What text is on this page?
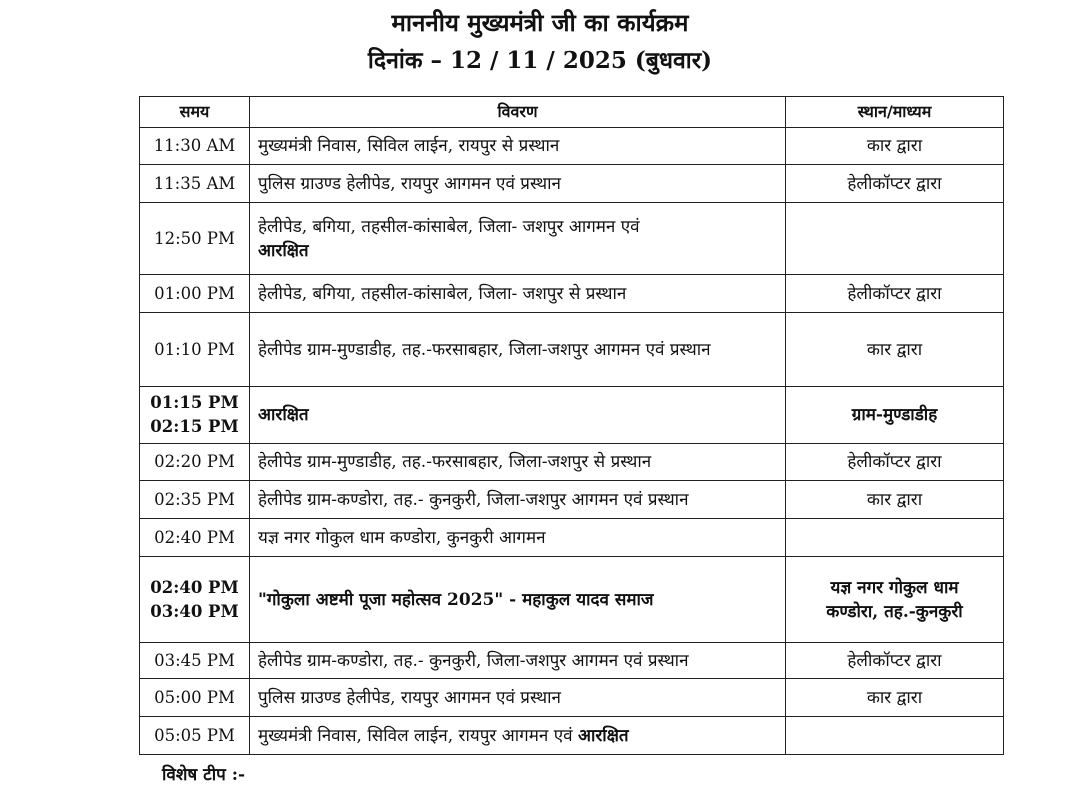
माननीय मुख्यमंत्री जी का कार्यक्रम
दिनांक – 12 / 11 / 2025 (बुधवार)
समय	विवरण	स्थान/माध्यम
11:30 AM	मुख्यमंत्री निवास, सिविल लाईन, रायपुर से प्रस्थान	कार द्वारा
11:35 AM	पुलिस ग्राउण्ड हेलीपेड, रायपुर आगमन एवं प्रस्थान	हेलीकॉप्टर द्वारा
12:50 PM	हेलीपेड, बगिया, तहसील-कांसाबेल, जिला- जशपुर आगमन एवं
आरक्षित	
01:00 PM	हेलीपेड, बगिया, तहसील-कांसाबेल, जिला- जशपुर से प्रस्थान	हेलीकॉप्टर द्वारा
01:10 PM	हेलीपेड ग्राम-मुण्डाडीह, तह.-फरसाबहार, जिला-जशपुर आगमन एवं प्रस्थान	कार द्वारा
01:15 PM
02:15 PM	आरक्षित	ग्राम-मुण्डाडीह
02:20 PM	हेलीपेड ग्राम-मुण्डाडीह, तह.-फरसाबहार, जिला-जशपुर से प्रस्थान	हेलीकॉप्टर द्वारा
02:35 PM	हेलीपेड ग्राम-कण्डोरा, तह.- कुनकुरी, जिला-जशपुर आगमन एवं प्रस्थान	कार द्वारा
02:40 PM	यज्ञ नगर गोकुल धाम कण्डोरा, कुनकुरी आगमन	
02:40 PM
03:40 PM	"गोकुला अष्टमी पूजा महोत्सव 2025" - महाकुल यादव समाज	यज्ञ नगर गोकुल धाम
कण्डोरा, तह.-कुनकुरी
03:45 PM	हेलीपेड ग्राम-कण्डोरा, तह.- कुनकुरी, जिला-जशपुर आगमन एवं प्रस्थान	हेलीकॉप्टर द्वारा
05:00 PM	पुलिस ग्राउण्ड हेलीपेड, रायपुर आगमन एवं प्रस्थान	कार द्वारा
05:05 PM	मुख्यमंत्री निवास, सिविल लाईन, रायपुर आगमन एवं आरक्षित	
विशेष टीप :-
